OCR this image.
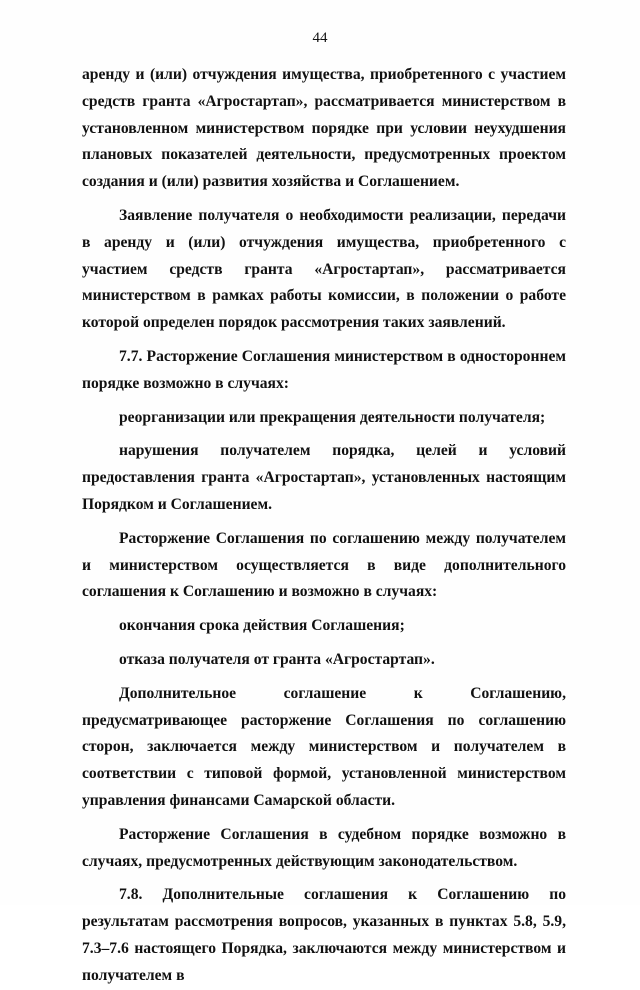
44

аренду и (или) отчуждения имущества, приобретенного с участием средств гранта «Агростартап», рассматривается министерством в установленном министерством порядке при условии неухудшения плановых показателей деятельности, предусмотренных проектом создания и (или) развития хозяйства и Соглашением.

Заявление получателя о необходимости реализации, передачи в аренду и (или) отчуждения имущества, приобретенного с участием средств гранта «Агростартап», рассматривается министерством в рамках работы комиссии, в положении о работе которой определен порядок рассмотрения таких заявлений.

7.7. Расторжение Соглашения министерством в одностороннем порядке возможно в случаях:

реорганизации или прекращения деятельности получателя;

нарушения получателем порядка, целей и условий предоставления гранта «Агростартап», установленных настоящим Порядком и Соглашением.

Расторжение Соглашения по соглашению между получателем и министерством осуществляется в виде дополнительного соглашения к Соглашению и возможно в случаях:

окончания срока действия Соглашения;

отказа получателя от гранта «Агростартап».

Дополнительное соглашение к Соглашению, предусматривающее расторжение Соглашения по соглашению сторон, заключается между министерством и получателем в соответствии с типовой формой, установленной министерством управления финансами Самарской области.

Расторжение Соглашения в судебном порядке возможно в случаях, предусмотренных действующим законодательством.

7.8. Дополнительные соглашения к Соглашению по результатам рассмотрения вопросов, указанных в пунктах 5.8, 5.9, 7.3–7.6 настоящего Порядка, заключаются между министерством и получателем в
